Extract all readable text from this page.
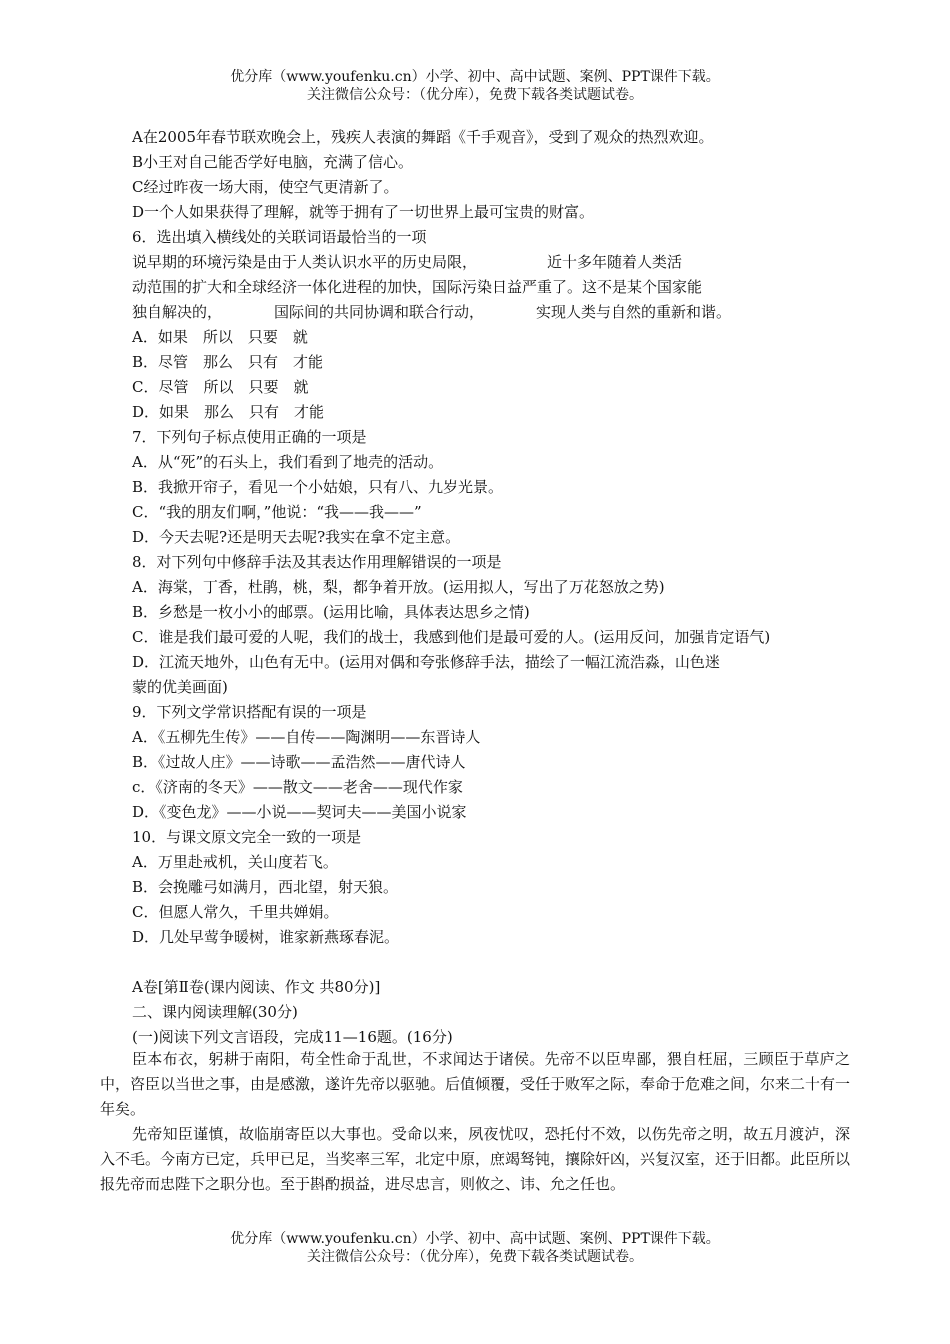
优分库（www.youfenku.cn）小学、初中、高中试题、案例、PPT课件下载。
关注微信公众号：（优分库），免费下载各类试题试卷。
A在2005年春节联欢晚会上，残疾人表演的舞蹈《千手观音》，受到了观众的热烈欢迎。
B小王对自己能否学好电脑，充满了信心。
C经过昨夜一场大雨，使空气更清新了。
D一个人如果获得了理解，就等于拥有了一切世界上最可宝贵的财富。
6．选出填入横线处的关联词语最恰当的一项
说早期的环境污染是由于人类认识水平的历史局限，	近十多年随着人类活
动范围的扩大和全球经济一体化进程的加快，国际污染日益严重了。这不是某个国家能
独自解决的，	国际间的共同协调和联合行动，	实现人类与自然的重新和谐。
A．如果　所以　只要　就
B．尽管　那么　只有　才能
C．尽管　所以　只要　就
D．如果　那么　只有　才能
7．下列句子标点使用正确的一项是
A．从“死”的石头上，我们看到了地壳的活动。
B．我掀开帘子，看见一个小姑娘，只有八、九岁光景。
C．“我的朋友们啊，”他说：“我——我——”
D．今天去呢?还是明天去呢?我实在拿不定主意。
8．对下列句中修辞手法及其表达作用理解错误的一项是
A．海棠，丁香，杜鹃，桃，梨，都争着开放。(运用拟人，写出了万花怒放之势)
B．乡愁是一枚小小的邮票。(运用比喻，具体表达思乡之情)
C．谁是我们最可爱的人呢，我们的战士，我感到他们是最可爱的人。(运用反问，加强肯定语气)
D．江流天地外，山色有无中。(运用对偶和夸张修辞手法，描绘了一幅江流浩淼，山色迷
蒙的优美画面)
9．下列文学常识搭配有误的一项是
A．《五柳先生传》——自传——陶渊明——东晋诗人
B．《过故人庄》——诗歌——孟浩然——唐代诗人
c．《济南的冬天》——散文——老舍——现代作家
D．《变色龙》——小说——契诃夫——美国小说家
10．与课文原文完全一致的一项是
A．万里赴戒机，关山度若飞。
B．会挽雕弓如满月，西北望，射天狼。
C．但愿人常久，千里共婵娟。
D．几处早莺争暖树，谁家新燕琢春泥。
A卷[第Ⅱ卷(课内阅读、作文 共80分)]
二、课内阅读理解(30分)
(一)阅读下列文言语段，完成11—16题。(16分)
臣本布衣，躬耕于南阳，苟全性命于乱世，不求闻达于诸侯。先帝不以臣卑鄙，猥自枉屈，三顾臣于草庐之中，咨臣以当世之事，由是感激，遂许先帝以驱驰。后值倾覆，受任于败军之际，奉命于危难之间，尔来二十有一年矣。
先帝知臣谨慎，故临崩寄臣以大事也。受命以来，夙夜忧叹，恐托付不效，以伤先帝之明，故五月渡泸，深入不毛。今南方已定，兵甲已足，当奖率三军，北定中原，庶竭驽钝，攘除奸凶，兴复汉室，还于旧都。此臣所以报先帝而忠陛下之职分也。至于斟酌损益，进尽忠言，则攸之、讳、允之任也。
优分库（www.youfenku.cn）小学、初中、高中试题、案例、PPT课件下载。
关注微信公众号：（优分库），免费下载各类试题试卷。
